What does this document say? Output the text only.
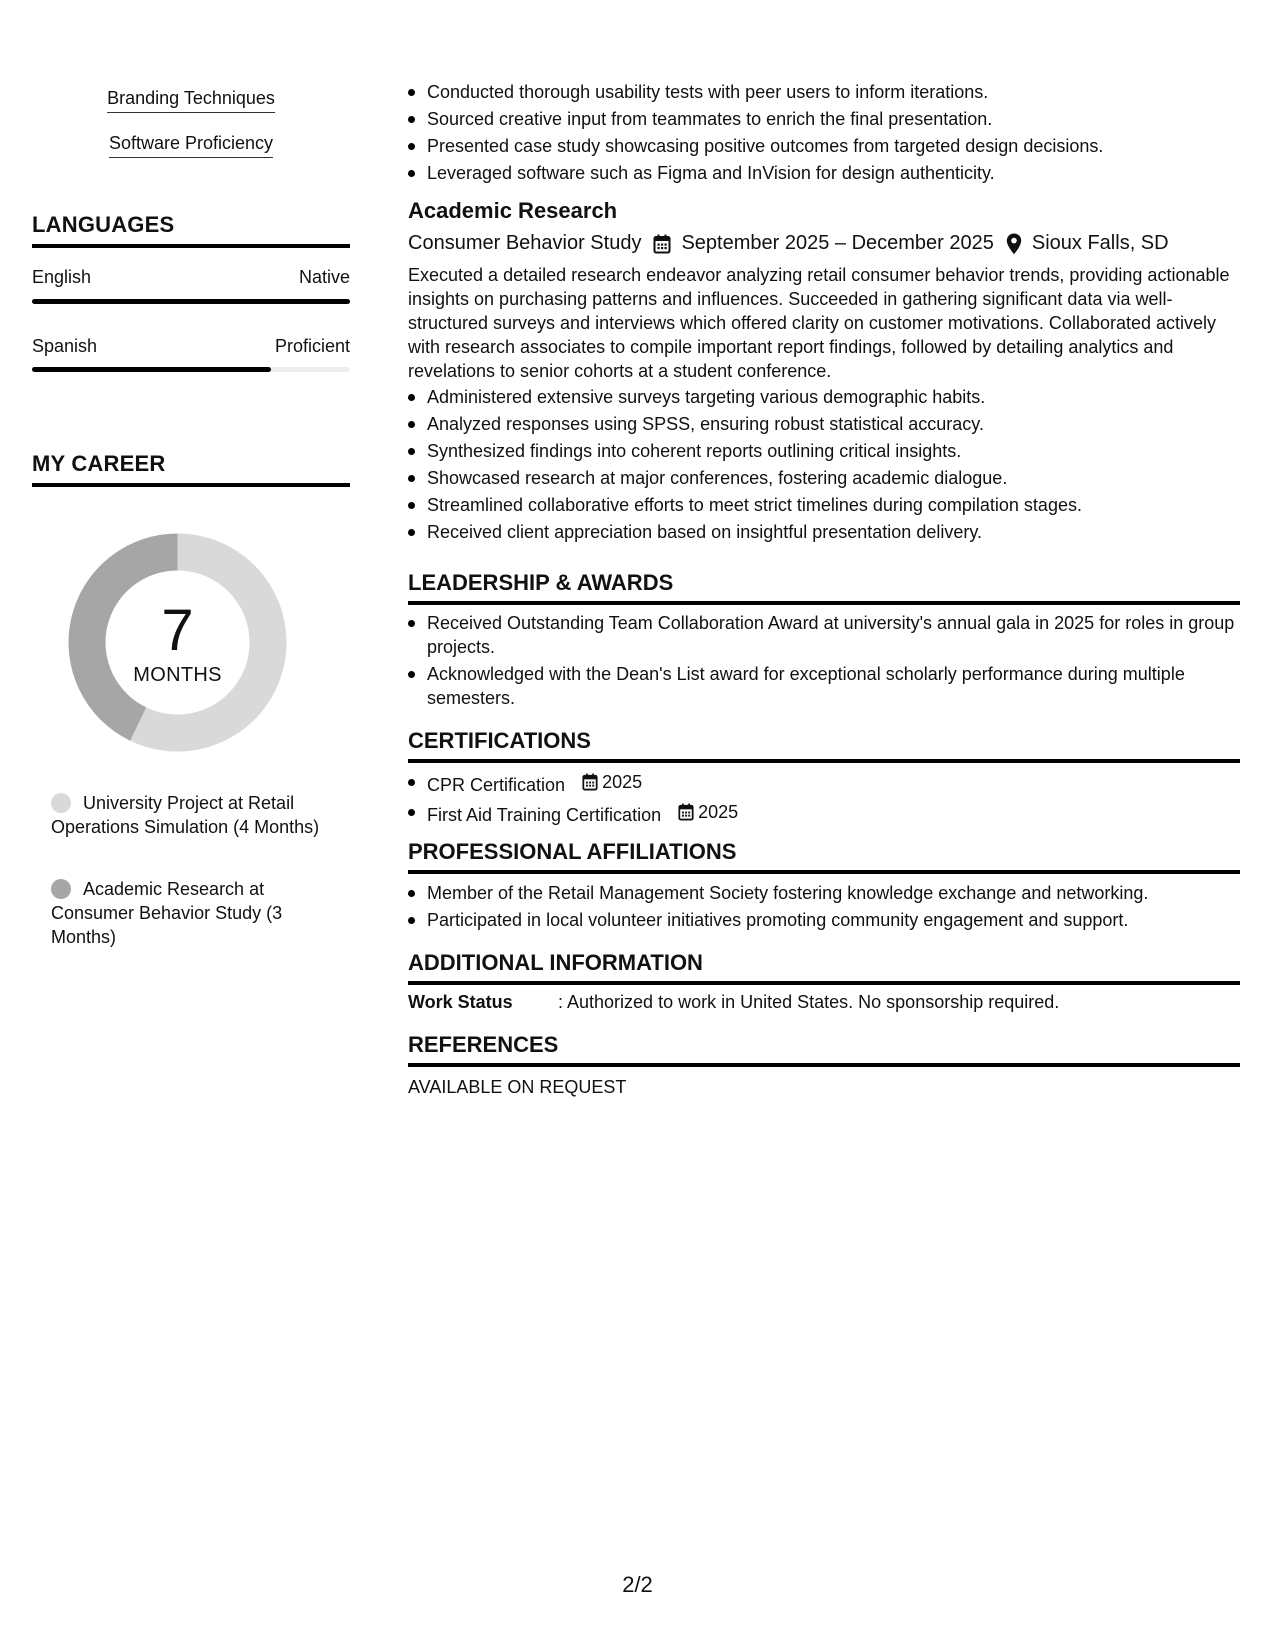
Branding Techniques
Software Proficiency
LANGUAGES
English	Native
Spanish	Proficient
MY CAREER
7
MONTHS
University Project at Retail Operations Simulation (4 Months)
Academic Research at Consumer Behavior Study (3 Months)
Conducted thorough usability tests with peer users to inform iterations.
Sourced creative input from teammates to enrich the final presentation.
Presented case study showcasing positive outcomes from targeted design decisions.
Leveraged software such as Figma and InVision for design authenticity.
Academic Research
Consumer Behavior Study September 2025 – December 2025 Sioux Falls, SD
Executed a detailed research endeavor analyzing retail consumer behavior trends, providing actionable insights on purchasing patterns and influences. Succeeded in gathering significant data via well-structured surveys and interviews which offered clarity on customer motivations. Collaborated actively with research associates to compile important report findings, followed by detailing analytics and revelations to senior cohorts at a student conference.
Administered extensive surveys targeting various demographic habits.
Analyzed responses using SPSS, ensuring robust statistical accuracy.
Synthesized findings into coherent reports outlining critical insights.
Showcased research at major conferences, fostering academic dialogue.
Streamlined collaborative efforts to meet strict timelines during compilation stages.
Received client appreciation based on insightful presentation delivery.
LEADERSHIP & AWARDS
Received Outstanding Team Collaboration Award at university's annual gala in 2025 for roles in group projects.
Acknowledged with the Dean's List award for exceptional scholarly performance during multiple semesters.
CERTIFICATIONS
CPR Certification 2025
First Aid Training Certification 2025
PROFESSIONAL AFFILIATIONS
Member of the Retail Management Society fostering knowledge exchange and networking.
Participated in local volunteer initiatives promoting community engagement and support.
ADDITIONAL INFORMATION
Work Status	: Authorized to work in United States. No sponsorship required.
REFERENCES
AVAILABLE ON REQUEST
2/2
